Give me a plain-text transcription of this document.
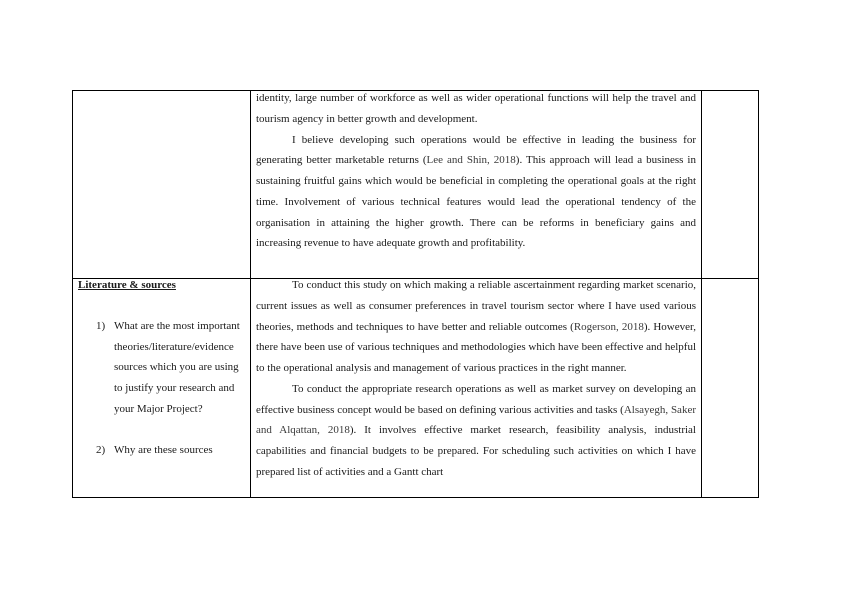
identity, large number of workforce as well as wider operational functions will help the travel and tourism agency in better growth and development.

I believe developing such operations would be effective in leading the business for generating better marketable returns (Lee and Shin, 2018). This approach will lead a business in sustaining fruitful gains which would be beneficial in completing the operational goals at the right time. Involvement of various technical features would lead the operational tendency of the organisation in attaining the higher growth. There can be reforms in beneficiary gains and increasing revenue to have adequate growth and profitability.

Literature & sources
1) What are the most important theories/literature/evidence sources which you are using to justify your research and your Major Project?
2) Why are these sources

To conduct this study on which making a reliable ascertainment regarding market scenario, current issues as well as consumer preferences in travel tourism sector where I have used various theories, methods and techniques to have better and reliable outcomes (Rogerson, 2018). However, there have been use of various techniques and methodologies which have been effective and helpful to the operational analysis and management of various practices in the right manner.

To conduct the appropriate research operations as well as market survey on developing an effective business concept would be based on defining various activities and tasks (Alsayegh, Saker and Alqattan, 2018). It involves effective market research, feasibility analysis, industrial capabilities and financial budgets to be prepared. For scheduling such activities on which I have prepared list of activities and a Gantt chart
